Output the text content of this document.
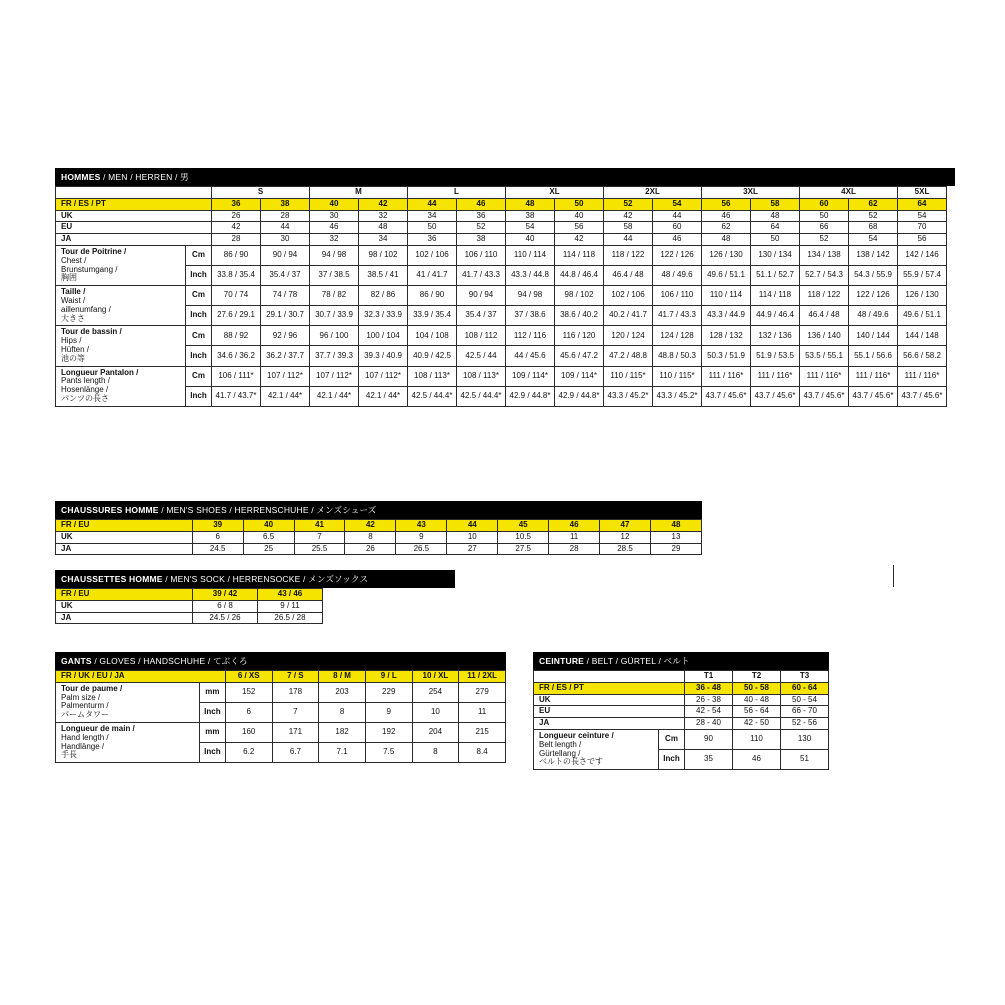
HOMMES / MEN / HERREN / 男
		S		M		L		XL		2XL		3XL		4XL		5XL
FR / ES / PT		36	38	40	42	44	46	48	50	52	54	56	58	60	62	64
UK		26	28	30	32	34	36	38	40	42	44	46	48	50	52	54
EU		42	44	46	48	50	52	54	56	58	60	62	64	66	68	70
JA		28	30	32	34	36	38	40	42	44	46	48	50	52	54	56

Tour de Poitrine /
Chest /
Brunstumgang /
胸囲	Cm	86 / 90	90 / 94	94 / 98	98 / 102	102 / 106	106 / 110	110 / 114	114 / 118	118 / 122	122 / 126	126 / 130	130 / 134	134 / 138	138 / 142	142 / 146
	Inch	33.8 / 35.4	35.4 / 37	37 / 38.5	38.5 / 41	41 / 41.7	41.7 / 43.3	43.3 / 44.8	44.8 / 46.4	46.4 / 48	48 / 49.6	49.6 / 51.1	51.1 / 52.7	52.7 / 54.3	54.3 / 55.9	55.9 / 57.4

Taille /
Waist /
aillenumfang /
大きさ	Cm	70 / 74	74 / 78	78 / 82	82 / 86	86 / 90	90 / 94	94 / 98	98 / 102	102 / 106	106 / 110	110 / 114	114 / 118	118 / 122	122 / 126	126 / 130
	Inch	27.6 / 29.1	29.1 / 30.7	30.7 / 33.9	32.3 / 33.9	33.9 / 35.4	35.4 / 37	37 / 38.6	38.6 / 40.2	40.2 / 41.7	41.7 / 43.3	43.3 / 44.9	44.9 / 46.4	46.4 / 48	48 / 49.6	49.6 / 51.1

Tour de bassin /
Hips /
Hüften /
池の等	Cm	88 / 92	92 / 96	96 / 100	100 / 104	104 / 108	108 / 112	112 / 116	116 / 120	120 / 124	124 / 128	128 / 132	132 / 136	136 / 140	140 / 144	144 / 148
	Inch	34.6 / 36.2	36.2 / 37.7	37.7 / 39.3	39.3 / 40.9	40.9 / 42.5	42.5 / 44	44 / 45.6	45.6 / 47.2	47.2 / 48.8	48.8 / 50.3	50.3 / 51.9	51.9 / 53.5	53.5 / 55.1	55.1 / 56.6	56.6 / 58.2

Longueur Pantalon /
Pants length /
Hosenlänge /
パンツの長さ	Cm	106 / 111*	107 / 112*	107 / 112*	107 / 112*	108 / 113*	108 / 113*	109 / 114*	109 / 114*	110 / 115*	110 / 115*	111 / 116*	111 / 116*	111 / 116*	111 / 116*	111 / 116*
	Inch	41.7 / 43.7*	42.1 / 44*	42.1 / 44*	42.1 / 44*	42.5 / 44.4*	42.5 / 44.4*	42.9 / 44.8*	42.9 / 44.8*	43.3 / 45.2*	43.3 / 45.2*	43.7 / 45.6*	43.7 / 45.6*	43.7 / 45.6*	43.7 / 45.6*	43.7 / 45.6*
CHAUSSURES HOMME / MEN'S SHOES / HERRENSCHUHE / メンズシューズ
FR / EU	39	40	41	42	43	44	45	46	47	48
UK	6	6.5	7	8	9	10	10.5	11	12	13
JA	24.5	25	25.5	26	26.5	27	27.5	28	28.5	29
CHAUSSETTES HOMME / MEN'S SOCK / HERRENSOCKE / メンズソックス
FR / EU	39 / 42	43 / 46
UK	6 / 8	9 / 11
JA	24.5 / 26	26.5 / 28
GANTS / GLOVES / HANDSCHUHE / てぶくろ
FR / UK / EU / JA		6 / XS	7 / S	8 / M	9 / L	10 / XL	11 / 2XL

Tour de paume /
Palm size /
Palmenturm /
パームタワー	mm	152	178	203	229	254	279
	Inch	6	7	8	9	10	11

Longueur de main /
Hand length /
Handlänge /
手長	mm	160	171	182	192	204	215
	Inch	6.2	6.7	7.1	7.5	8	8.4
CEINTURE / BELT / GÜRTEL / ベルト
		T1	T2	T3
FR / ES / PT		36 - 48	50 - 58	60 - 64
UK		26 - 38	40 - 48	50 - 54
EU		42 - 54	56 - 64	66 - 70
JA		28 - 40	42 - 50	52 - 56

Longueur ceinture /
Belt length /
Gürtellang /
ベルトの長さです	Cm	90	110	130
	Inch	35	46	51
